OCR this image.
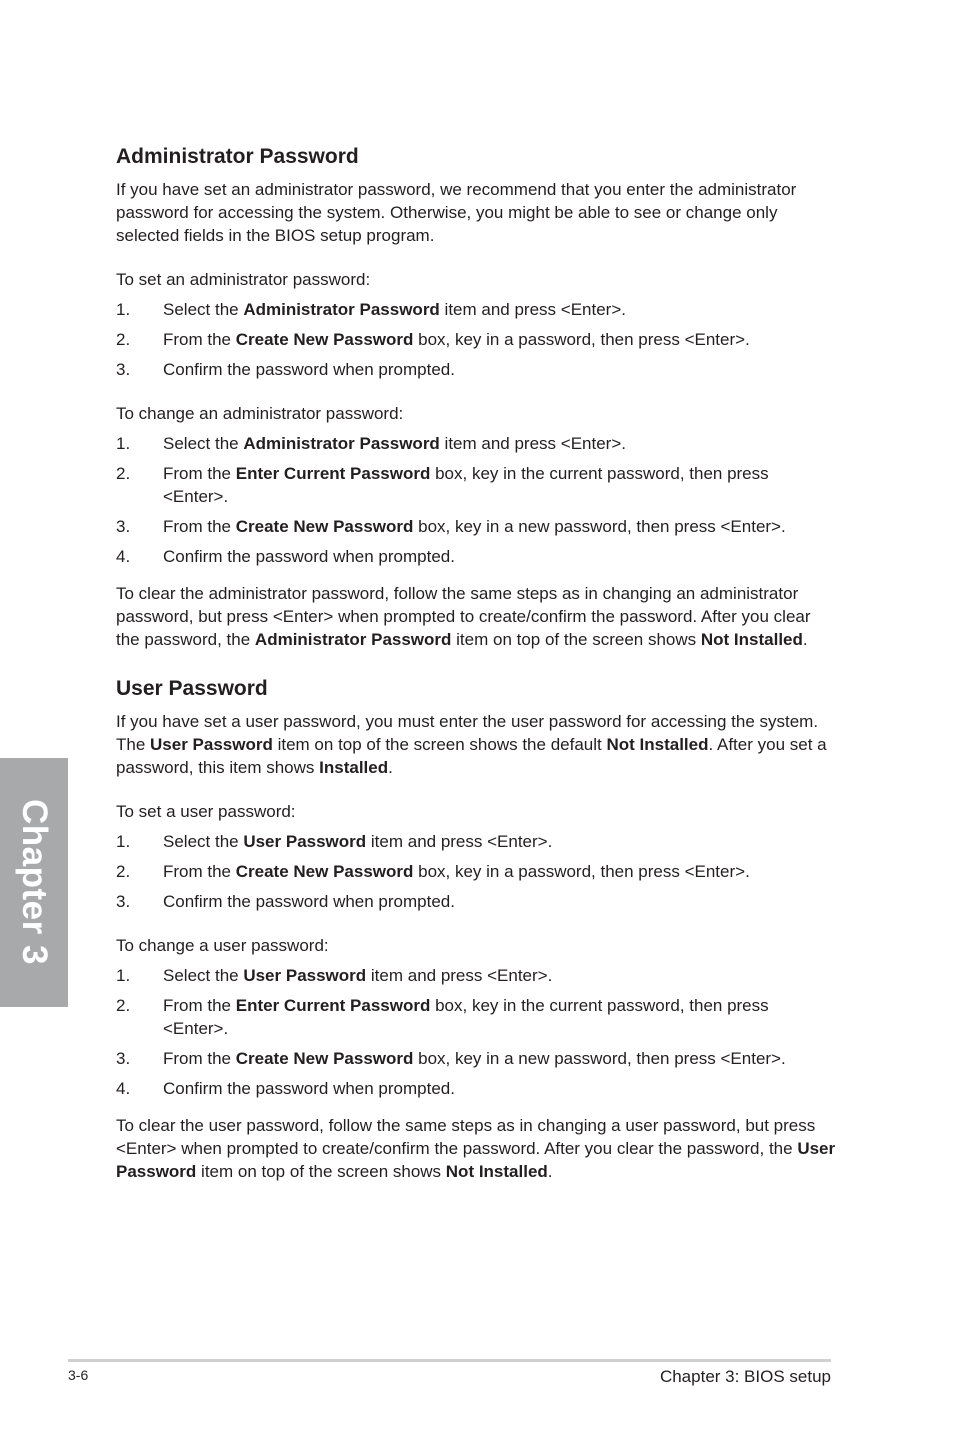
Chapter 3
Administrator Password

If you have set an administrator password, we recommend that you enter the administrator password for accessing the system. Otherwise, you might be able to see or change only selected fields in the BIOS setup program.

To set an administrator password:

1.	Select the Administrator Password item and press <Enter>.
2.	From the Create New Password box, key in a password, then press <Enter>.
3.	Confirm the password when prompted.

To change an administrator password:

1.	Select the Administrator Password item and press <Enter>.
2.	From the Enter Current Password box, key in the current password, then press <Enter>.
3.	From the Create New Password box, key in a new password, then press <Enter>.
4.	Confirm the password when prompted.

To clear the administrator password, follow the same steps as in changing an administrator password, but press <Enter> when prompted to create/confirm the password. After you clear the password, the Administrator Password item on top of the screen shows Not Installed.

User Password

If you have set a user password, you must enter the user password for accessing the system. The User Password item on top of the screen shows the default Not Installed. After you set a password, this item shows Installed.

To set a user password:

1.	Select the User Password item and press <Enter>.
2.	From the Create New Password box, key in a password, then press <Enter>.
3.	Confirm the password when prompted.

To change a user password:

1.	Select the User Password item and press <Enter>.
2.	From the Enter Current Password box, key in the current password, then press <Enter>.
3.	From the Create New Password box, key in a new password, then press <Enter>.
4.	Confirm the password when prompted.

To clear the user password, follow the same steps as in changing a user password, but press <Enter> when prompted to create/confirm the password. After you clear the password, the User Password item on top of the screen shows Not Installed.

3-6	Chapter 3: BIOS setup
